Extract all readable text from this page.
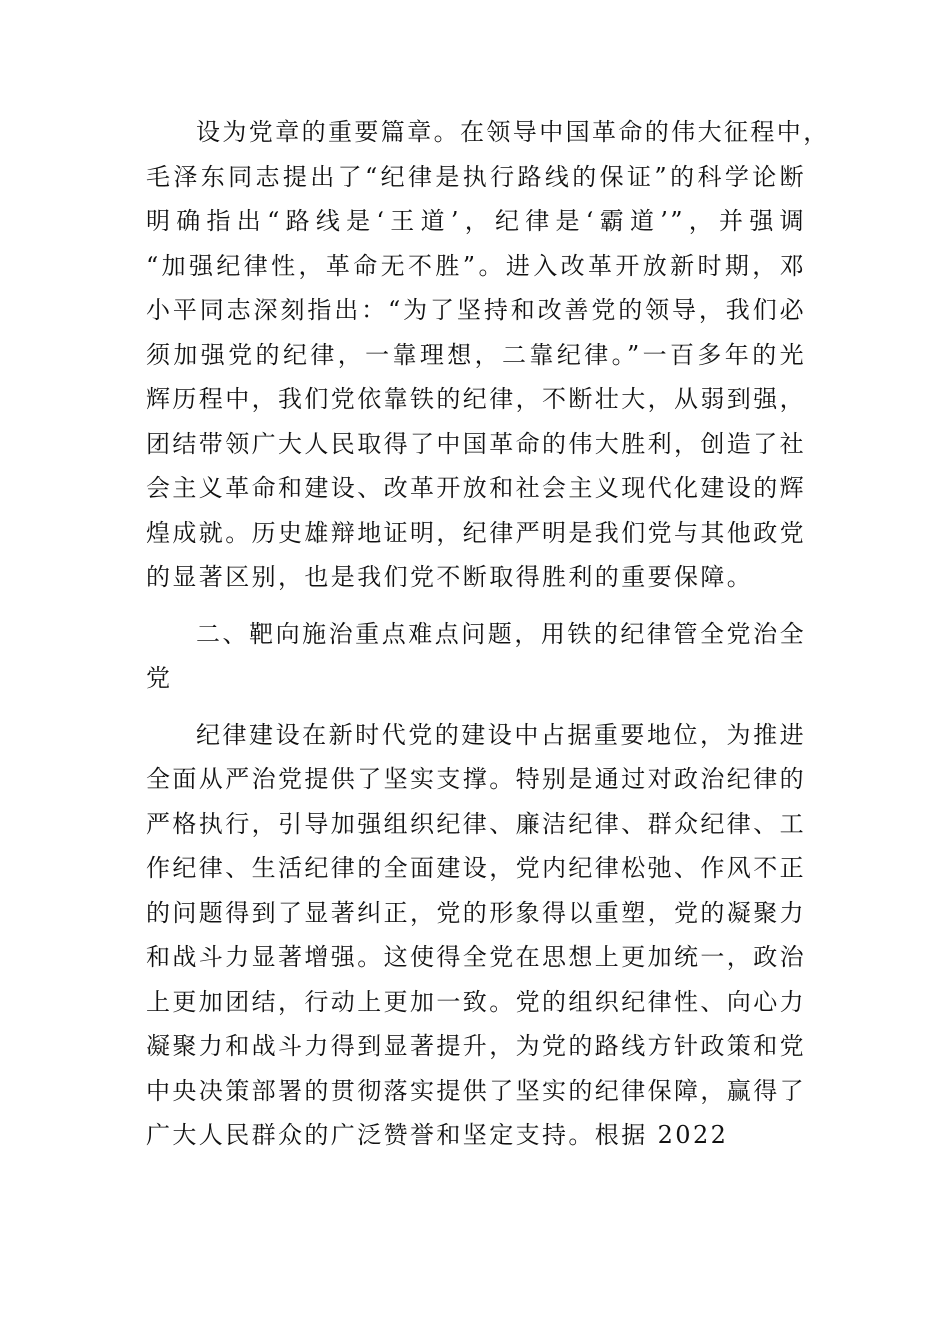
设为党章的重要篇章。在领导中国革命的伟大征程中，
毛泽东同志提出了“纪律是执行路线的保证”的科学论断
明确指出“路线是‘王道’，纪律是‘霸道’”，并强调
“加强纪律性，革命无不胜”。进入改革开放新时期，邓
小平同志深刻指出：“为了坚持和改善党的领导，我们必
须加强党的纪律，一靠理想，二靠纪律。”一百多年的光
辉历程中，我们党依靠铁的纪律，不断壮大，从弱到强，
团结带领广大人民取得了中国革命的伟大胜利，创造了社
会主义革命和建设、改革开放和社会主义现代化建设的辉
煌成就。历史雄辩地证明，纪律严明是我们党与其他政党
的显著区别，也是我们党不断取得胜利的重要保障。
二、靶向施治重点难点问题，用铁的纪律管全党治全
党
纪律建设在新时代党的建设中占据重要地位，为推进
全面从严治党提供了坚实支撑。特别是通过对政治纪律的
严格执行，引导加强组织纪律、廉洁纪律、群众纪律、工
作纪律、生活纪律的全面建设，党内纪律松弛、作风不正
的问题得到了显著纠正，党的形象得以重塑，党的凝聚力
和战斗力显著增强。这使得全党在思想上更加统一，政治
上更加团结，行动上更加一致。党的组织纪律性、向心力
凝聚力和战斗力得到显著提升，为党的路线方针政策和党
中央决策部署的贯彻落实提供了坚实的纪律保障，赢得了
广大人民群众的广泛赞誉和坚定支持。根据 2022
